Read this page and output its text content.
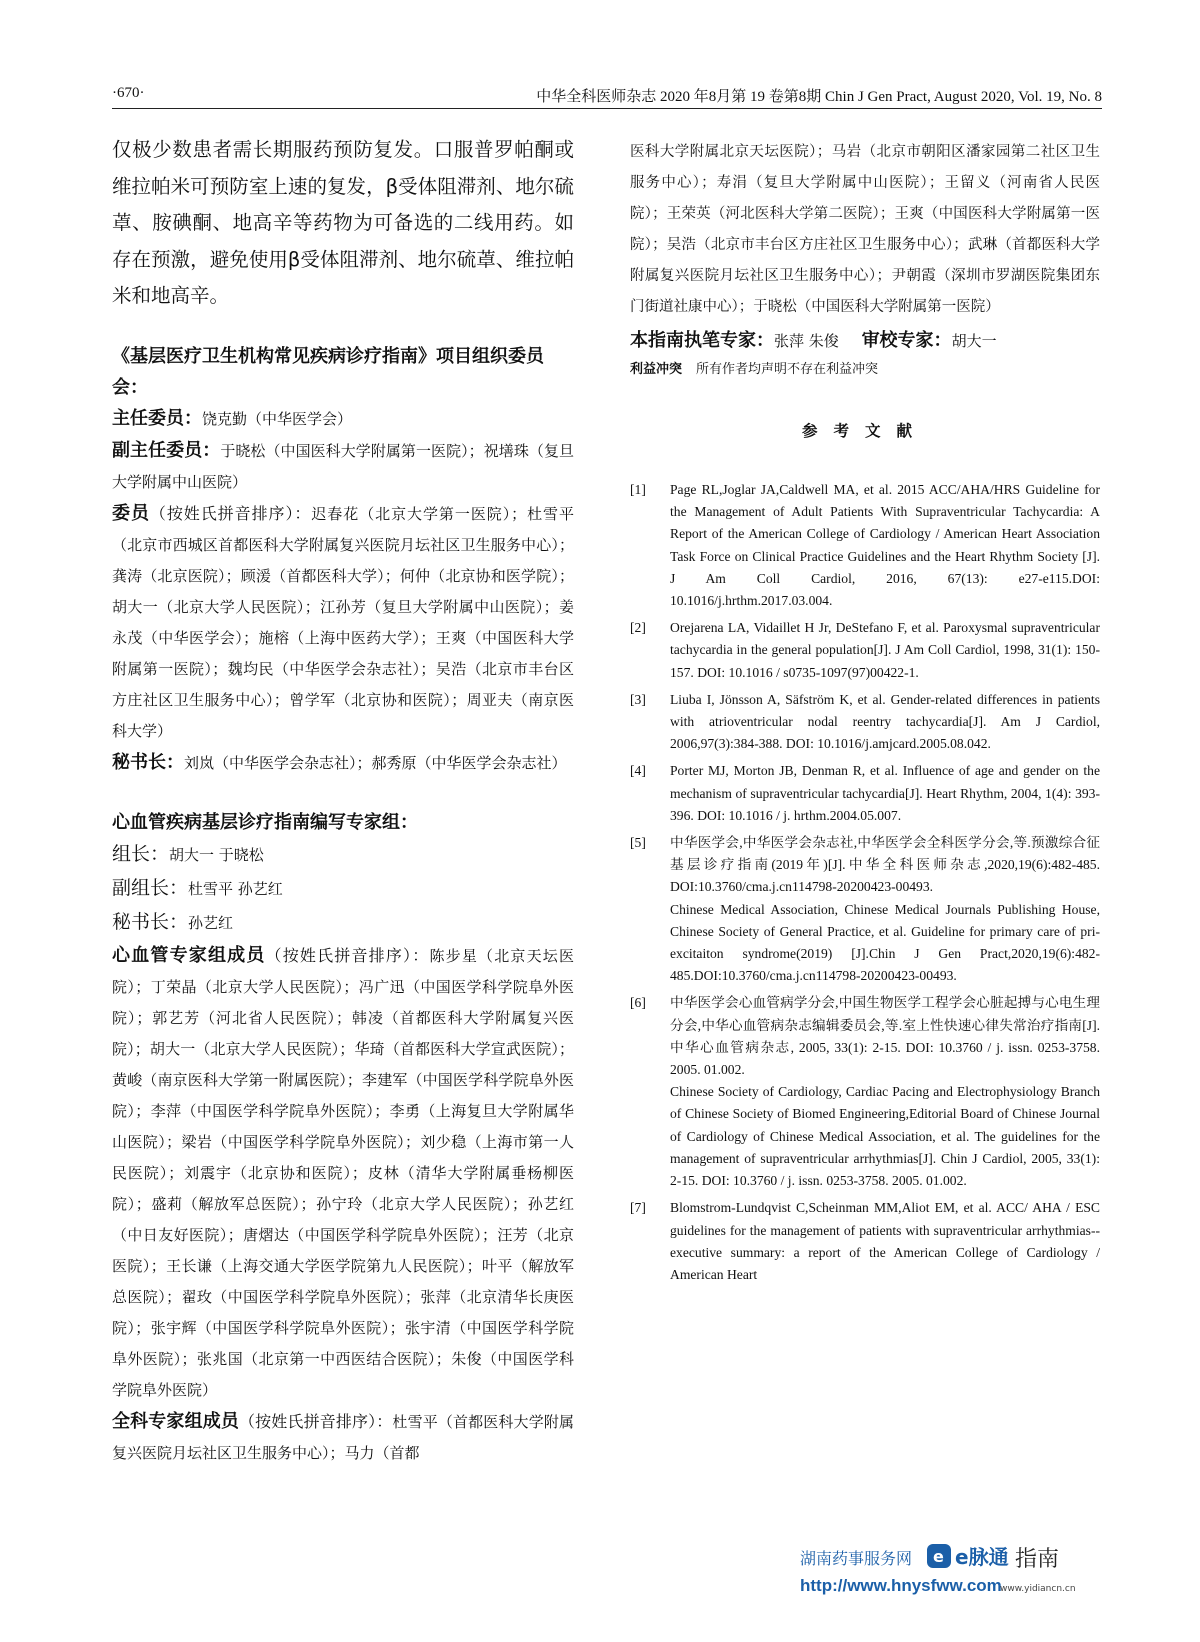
·670·	中华全科医师杂志 2020 年8月第 19 卷第8期 Chin J Gen Pract, August 2020, Vol. 19, No. 8

仅极少数患者需长期服药预防复发。口服普罗帕酮或维拉帕米可预防室上速的复发，β受体阻滞剂、地尔硫䓬、胺碘酮、地高辛等药物为可备选的二线用药。如存在预激，避免使用β受体阻滞剂、地尔硫䓬、维拉帕米和地高辛。

《基层医疗卫生机构常见疾病诊疗指南》项目组织委员会：

主任委员：饶克勤（中华医学会）

副主任委员：于晓松（中国医科大学附属第一医院）；祝墡珠（复旦大学附属中山医院）

委员（按姓氏拼音排序）：迟春花（北京大学第一医院）；杜雪平（北京市西城区首都医科大学附属复兴医院月坛社区卫生服务中心）；龚涛（北京医院）；顾湲（首都医科大学）；何仲（北京协和医学院）；胡大一（北京大学人民医院）；江孙芳（复旦大学附属中山医院）；姜永茂（中华医学会）；施榕（上海中医药大学）；王爽（中国医科大学附属第一医院）；魏均民（中华医学会杂志社）；吴浩（北京市丰台区方庄社区卫生服务中心）；曾学军（北京协和医院）；周亚夫（南京医科大学）

秘书长：刘岚（中华医学会杂志社）；郝秀原（中华医学会杂志社）

心血管疾病基层诊疗指南编写专家组：

组长：胡大一 于晓松

副组长：杜雪平 孙艺红

秘书长：孙艺红

心血管专家组成员（按姓氏拼音排序）：陈步星（北京天坛医院）；丁荣晶（北京大学人民医院）；冯广迅（中国医学科学院阜外医院）；郭艺芳（河北省人民医院）；韩凌（首都医科大学附属复兴医院）；胡大一（北京大学人民医院）；华琦（首都医科大学宣武医院）；黄峻（南京医科大学第一附属医院）；李建军（中国医学科学院阜外医院）；李萍（中国医学科学院阜外医院）；李勇（上海复旦大学附属华山医院）；梁岩（中国医学科学院阜外医院）；刘少稳（上海市第一人民医院）；刘震宇（北京协和医院）；皮林（清华大学附属垂杨柳医院）；盛莉（解放军总医院）；孙宁玲（北京大学人民医院）；孙艺红（中日友好医院）；唐熠达（中国医学科学院阜外医院）；汪芳（北京医院）；王长谦（上海交通大学医学院第九人民医院）；叶平（解放军总医院）；翟玫（中国医学科学院阜外医院）；张萍（北京清华长庚医院）；张宇辉（中国医学科学院阜外医院）；张宇清（中国医学科学院阜外医院）；张兆国（北京第一中西医结合医院）；朱俊（中国医学科学院阜外医院）

全科专家组成员（按姓氏拼音排序）：杜雪平（首都医科大学附属复兴医院月坛社区卫生服务中心）；马力（首都

医科大学附属北京天坛医院）；马岩（北京市朝阳区潘家园第二社区卫生服务中心）；寿涓（复旦大学附属中山医院）；王留义（河南省人民医院）；王荣英（河北医科大学第二医院）；王爽（中国医科大学附属第一医院）；吴浩（北京市丰台区方庄社区卫生服务中心）；武琳（首都医科大学附属复兴医院月坛社区卫生服务中心）；尹朝霞（深圳市罗湖医院集团东门街道社康中心）；于晓松（中国医科大学附属第一医院）

本指南执笔专家：张萍 朱俊 审校专家：胡大一

利益冲突 所有作者均声明不存在利益冲突

参考文献

[1] Page RL,Joglar JA,Caldwell MA, et al. 2015 ACC/AHA/HRS Guideline for the Management of Adult Patients With Supraventricular Tachycardia: A Report of the American College of Cardiology / American Heart Association Task Force on Clinical Practice Guidelines and the Heart Rhythm Society [J]. J Am Coll Cardiol, 2016, 67(13): e27-e115.DOI: 10.1016/j.hrthm.2017.03.004.
[2] Orejarena LA, Vidaillet H Jr, DeStefano F, et al. Paroxysmal supraventricular tachycardia in the general population[J]. J Am Coll Cardiol, 1998, 31(1): 150-157. DOI: 10.1016 / s0735-1097(97)00422-1.
[3] Liuba I, Jönsson A, Säfström K, et al. Gender-related differences in patients with atrioventricular nodal reentry tachycardia[J]. Am J Cardiol, 2006,97(3):384-388. DOI: 10.1016/j.amjcard.2005.08.042.
[4] Porter MJ, Morton JB, Denman R, et al. Influence of age and gender on the mechanism of supraventricular tachycardia[J]. Heart Rhythm, 2004, 1(4): 393-396. DOI: 10.1016 / j. hrthm.2004.05.007.
[5] 中华医学会,中华医学会杂志社,中华医学会全科医学分会,等.预激综合征基层诊疗指南(2019年)[J].中华全科医师杂志,2020,19(6):482-485. DOI:10.3760/cma.j.cn114798-20200423-00493.
Chinese Medical Association, Chinese Medical Journals Publishing House, Chinese Society of General Practice, et al. Guideline for primary care of pri-excitaiton syndrome(2019) [J].Chin J Gen Pract,2020,19(6):482-485.DOI:10.3760/cma.j.cn114798-20200423-00493.
[6] 中华医学会心血管病学分会,中国生物医学工程学会心脏起搏与心电生理分会,中华心血管病杂志编辑委员会,等.室上性快速心律失常治疗指南[J]. 中华心血管病杂志, 2005, 33(1): 2-15. DOI: 10.3760 / j. issn. 0253-3758. 2005. 01.002.
Chinese Society of Cardiology, Cardiac Pacing and Electrophysiology Branch of Chinese Society of Biomed Engineering,Editorial Board of Chinese Journal of Cardiology of Chinese Medical Association, et al. The guidelines for the management of supraventricular arrhythmias[J]. Chin J Cardiol, 2005, 33(1): 2-15. DOI: 10.3760 / j. issn. 0253-3758. 2005. 01.002.
[7] Blomstrom-Lundqvist C,Scheinman MM,Aliot EM, et al. ACC/ AHA / ESC guidelines for the management of patients with supraventricular arrhythmias--executive summary: a report of the American College of Cardiology / American Heart
湖南药事服务网
http://www.hnysfww.com
e e脉通 指南
www.yidiancn.cn
